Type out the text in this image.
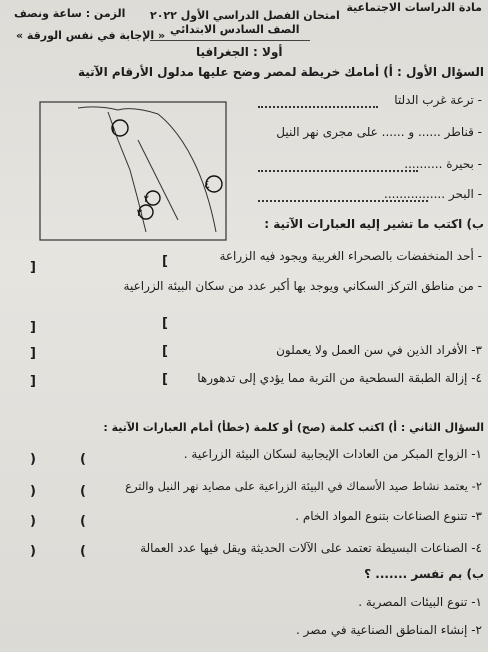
مادة الدراسات الاجتماعية
امتحان الفصل الدراسي الأول ٢٠٢٢
الصف السادس الابتدائي
الزمن : ساعة ونصف
« الإجابة في نفس الورقة »
أولا : الجغرافيا
السؤال الأول : أ) أمامك خريطة لمصر وضح عليها مدلول الأرقام الآتية
١
٢
٣
٤
- ترعة غرب الدلتا
- قناطر ...... و ...... على مجرى نهر النيل
- بحيرة ..........
- البحر ................
ب) اكتب ما تشير إليه العبارات الآتية :
- أحد المنخفضات بالصحراء الغربية ويجود فيه الزراعة
[	]
- من مناطق التركز السكاني ويوجد بها أكبر عدد من سكان البيئة الزراعية
[	]
٣- الأفراد الذين في سن العمل ولا يعملون
[	]
٤- إزالة الطبقة السطحية من التربة مما يؤدي إلى تدهورها
[	]
السؤال الثاني : أ) اكتب كلمة (صح) أو كلمة (خطأ) أمام العبارات الآتية :
١- الزواج المبكر من العادات الإيجابية لسكان البيئة الزراعية .
(	)
٢- يعتمد نشاط صيد الأسماك في البيئة الزراعية على مصايد نهر النيل والترع
(	)
٣- تتنوع الصناعات بتنوع المواد الخام .
(	)
٤- الصناعات البسيطة تعتمد على الآلات الحديثة ويقل فيها عدد العمالة
(	)
ب) بم تفسر ....... ؟
١- تنوع البيئات المصرية .
٢- إنشاء المناطق الصناعية في مصر .
